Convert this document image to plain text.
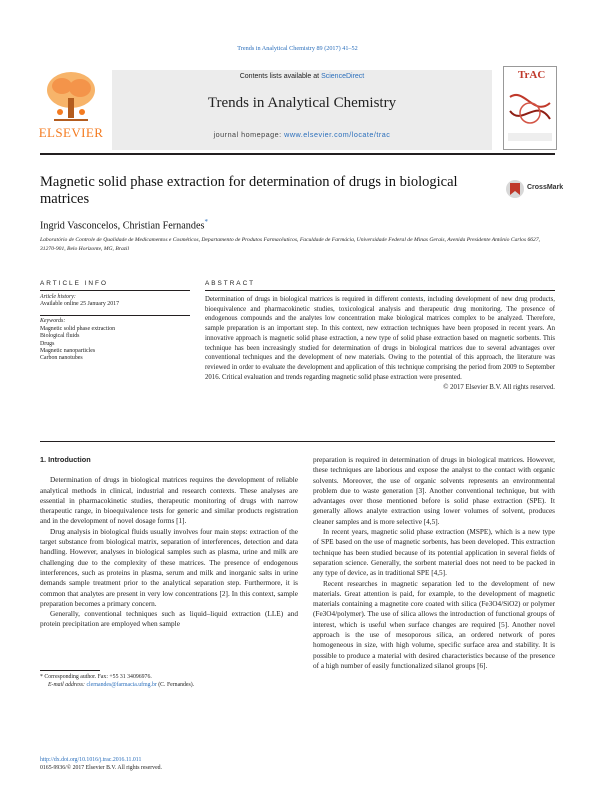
Trends in Analytical Chemistry 89 (2017) 41–52
Contents lists available at ScienceDirect
Trends in Analytical Chemistry
journal homepage: www.elsevier.com/locate/trac
ELSEVIER
TrAC
Magnetic solid phase extraction for determination of drugs in biological matrices
CrossMark
Ingrid Vasconcelos, Christian Fernandes*
Laboratório de Controle de Qualidade de Medicamentos e Cosméticos, Departamento de Produtos Farmacêuticos, Faculdade de Farmácia, Universidade Federal de Minas Gerais, Avenida Presidente Antônio Carlos 6627, 31270-901, Belo Horizonte, MG, Brazil
ARTICLE INFO	ABSTRACT
Article history:
Available online 25 January 2017
Keywords:
Magnetic solid phase extraction
Biological fluids
Drugs
Magnetic nanoparticles
Carbon nanotubes
Determination of drugs in biological matrices is required in different contexts, including development of new drug products, bioequivalence and pharmacokinetic studies, toxicological analysis and therapeutic drug monitoring. The presence of endogenous compounds and the analytes low concentration make biological matrices complex to be analyzed. Therefore, sample preparation is an important step. In this context, new extraction techniques have been proposed in recent years. An innovative approach is magnetic solid phase extraction, a new type of solid phase extraction based on magnetic sorbents. This technique has been increasingly studied for determination of drugs in biological matrices due to several advantages over conventional techniques and the development of new materials. Owing to the potential of this approach, the literature was reviewed in order to evaluate the development and application of this technique comprising the period from 2009 to September 2016. Critical evaluation and trends regarding magnetic solid phase extraction were presented.
© 2017 Elsevier B.V. All rights reserved.
1. Introduction

Determination of drugs in biological matrices requires the development of reliable analytical methods in clinical, industrial and research contexts. These analyses are essential in pharmacokinetic studies, therapeutic monitoring of drugs with narrow therapeutic range, in bioequivalence tests for generic and similar products registration and in the development of novel dosage forms [1].

Drug analysis in biological fluids usually involves four main steps: extraction of the target substance from biological matrix, separation of interferences, detection and data handling. However, analyses in biological samples such as plasma, urine and milk are challenging due to the complexity of these matrices. The presence of endogenous interferences, such as proteins in plasma, serum and milk and inorganic salts in urine demands sample treatment prior to the analytical separation step. Furthermore, it is common that analytes are present in very low concentrations [2]. In this context, sample preparation becomes a primary concern.

Generally, conventional techniques such as liquid–liquid extraction (LLE) and protein precipitation are employed when sample

preparation is required in determination of drugs in biological matrices. However, these techniques are laborious and expose the analyst to the contact with organic solvents. Moreover, the use of organic solvents represents an environmental problem due to waste generation [3]. Another conventional technique, but with advantages over those mentioned before is solid phase extraction (SPE). It generally allows analyte extraction using lower volumes of solvent, produces cleaner samples and is more selective [4,5].

In recent years, magnetic solid phase extraction (MSPE), which is a new type of SPE based on the use of magnetic sorbents, has been developed. This extraction technique has been studied because of its potential application in several fields of separation science. Generally, the sorbent material does not need to be packed in any type of device, as in traditional SPE [4,5].

Recent researches in magnetic separation led to the development of new materials. Great attention is paid, for example, to the development of magnetic materials containing a magnetite core coated with silica (Fe3O4/SiO2) or polymer (Fe3O4/polymer). The use of silica allows the introduction of functional groups of interest, which is useful when surface changes are required [5]. Another novel approach is the use of mesoporous silica, an ordered network of pores homogeneous in size, with high volume, specific surface area and stability. It is possible to produce a material with desired characteristics because of the presence of a high number of easily functionalized silanol groups [6].

* Corresponding author. Fax: +55 31 34096976.
E-mail address: clernandes@farmacia.ufmg.br (C. Fernandes).
http://dx.doi.org/10.1016/j.trac.2016.11.011
0165-9936/© 2017 Elsevier B.V. All rights reserved.
